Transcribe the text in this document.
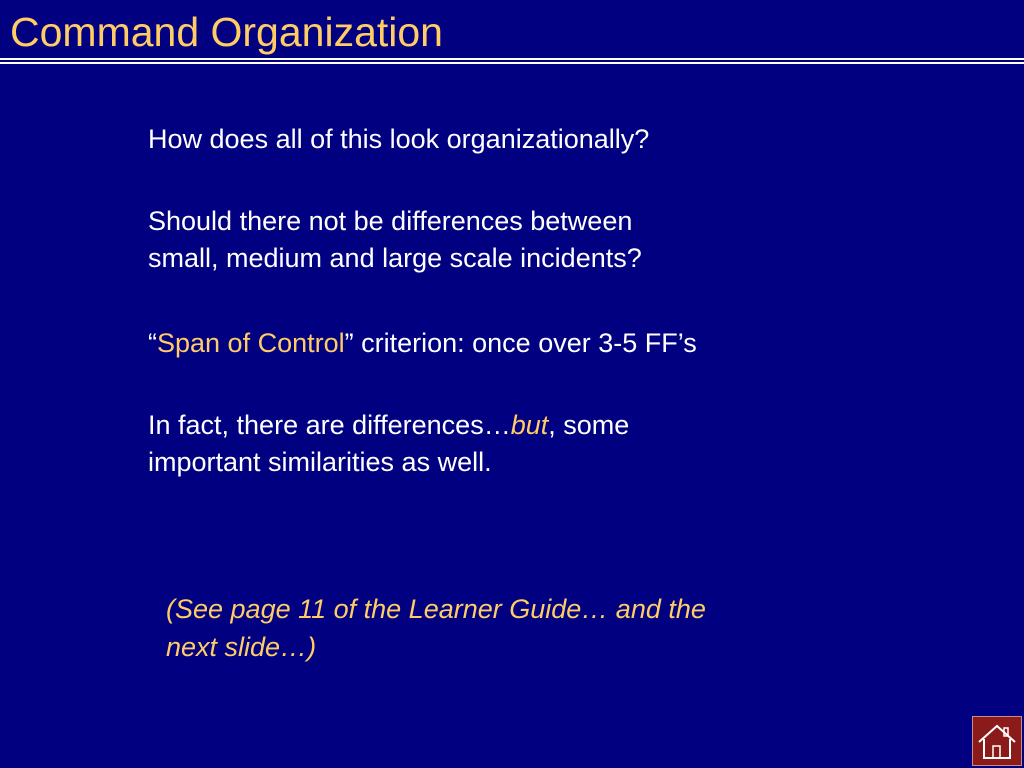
Command Organization

How does all of this look organizationally?

Should there not be differences between
small, medium and large scale incidents?

“Span of Control” criterion: once over 3-5 FF’s

In fact, there are differences…but, some
important similarities as well.

(See page 11 of the Learner Guide… and the
next slide…)
